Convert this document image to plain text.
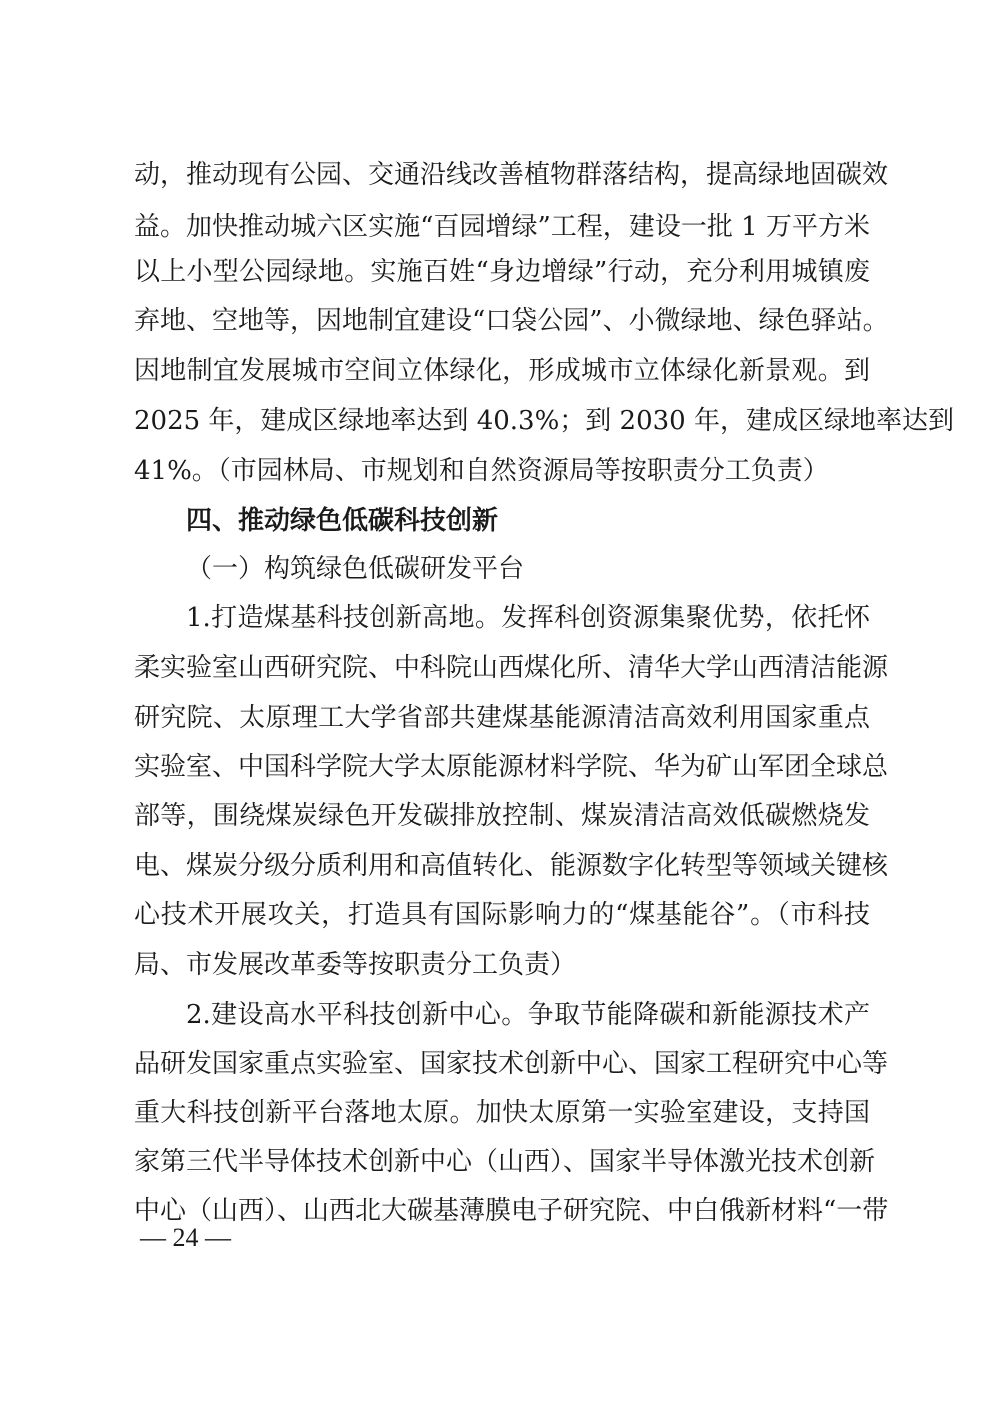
动，推动现有公园、交通沿线改善植物群落结构，提高绿地固碳效
益。加快推动城六区实施“百园增绿”工程，建设一批 1 万平方米
以上小型公园绿地。实施百姓“身边增绿”行动，充分利用城镇废
弃地、空地等，因地制宜建设“口袋公园”、小微绿地、绿色驿站。
因地制宜发展城市空间立体绿化，形成城市立体绿化新景观。到
2025 年，建成区绿地率达到 40.3%；到 2030 年，建成区绿地率达到
41%。（市园林局、市规划和自然资源局等按职责分工负责）
四、推动绿色低碳科技创新
（一）构筑绿色低碳研发平台
1.打造煤基科技创新高地。发挥科创资源集聚优势，依托怀
柔实验室山西研究院、中科院山西煤化所、清华大学山西清洁能源
研究院、太原理工大学省部共建煤基能源清洁高效利用国家重点
实验室、中国科学院大学太原能源材料学院、华为矿山军团全球总
部等，围绕煤炭绿色开发碳排放控制、煤炭清洁高效低碳燃烧发
电、煤炭分级分质利用和高值转化、能源数字化转型等领域关键核
心技术开展攻关，打造具有国际影响力的“煤基能谷”。（市科技
局、市发展改革委等按职责分工负责）
2.建设高水平科技创新中心。争取节能降碳和新能源技术产
品研发国家重点实验室、国家技术创新中心、国家工程研究中心等
重大科技创新平台落地太原。加快太原第一实验室建设，支持国
家第三代半导体技术创新中心（山西）、国家半导体激光技术创新
中心（山西）、山西北大碳基薄膜电子研究院、中白俄新材料“一带
— 24 —
